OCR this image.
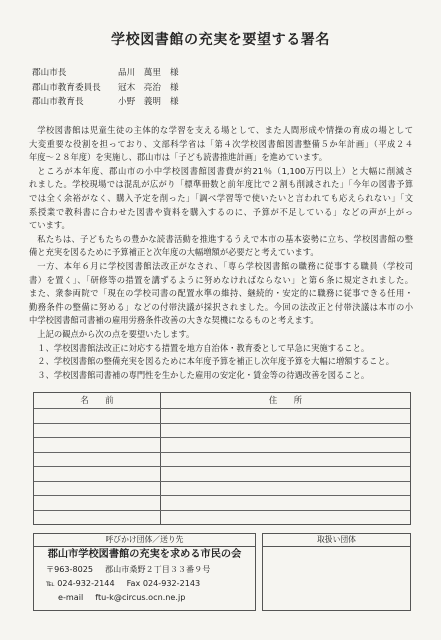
学校図書館の充実を要望する署名
郡山市長	品川　萬里	様
郡山市教育委員長	冠木　亮治	様
郡山市教育長	小野　義明	様
学校図書館は児童生徒の主体的な学習を支える場として、また人間形成や情操の育成の場として
大変重要な役割を担っており、文部科学省は「第４次学校図書館図書整備５か年計画」（平成２４
年度～２８年度）を実施し、郡山市は「子ども読書推進計画」を進めています。
ところが本年度、郡山市の小中学校図書館図書費が約21％（1,100万円以上）と大幅に削減さ
れました。学校現場では混乱が広がり「標準冊数と前年度比で２割も削減された」「今年の図書予算
では全く余裕がなく、購入予定を削った」「調べ学習等で使いたいと言われても応えられない」「文
系授業で教科書に合わせた図書や資料を購入するのに、予算が不足している」などの声が上がっ
ています。
私たちは、子どもたちの豊かな読書活動を推進するうえで本市の基本姿勢に立ち、学校図書館の整
備と充実を図るために予算補正と次年度の大幅増額が必要だと考えています。
一方、本年６月に学校図書館法改正がなされ、「専ら学校図書館の職務に従事する職員（学校司
書）を置く」、「研修等の措置を講ずるように努めなければならない」と第６条に規定されました。
また、衆参両院で「現在の学校司書の配置水準の維持、継続的・安定的に職務に従事できる任用・
勤務条件の整備に努める」などの付帯決議が採択されました。今回の法改正と付帯決議は本市の小
中学校図書館司書補の雇用労務条件改善の大きな契機になるものと考えます。
上記の観点から次の点を要望いたします。
１、学校図書館法改正に対応する措置を地方自治体・教育委として早急に実施すること。
２、学校図書館の整備充実を図るために本年度予算を補正し次年度予算を大幅に増額すること。
３、学校図書館司書補の専門性を生かした雇用の安定化・賃金等の待遇改善を図ること。
名　　前	住　　所
呼びかけ団体／送り先
郡山市学校図書館の充実を求める市民の会
〒963-8025 郡山市桑野２丁目３３番９号
℡ 024-932-2144 Fax 024-932-2143
e-mail ftu-k@circus.ocn.ne.jp
取扱い団体
